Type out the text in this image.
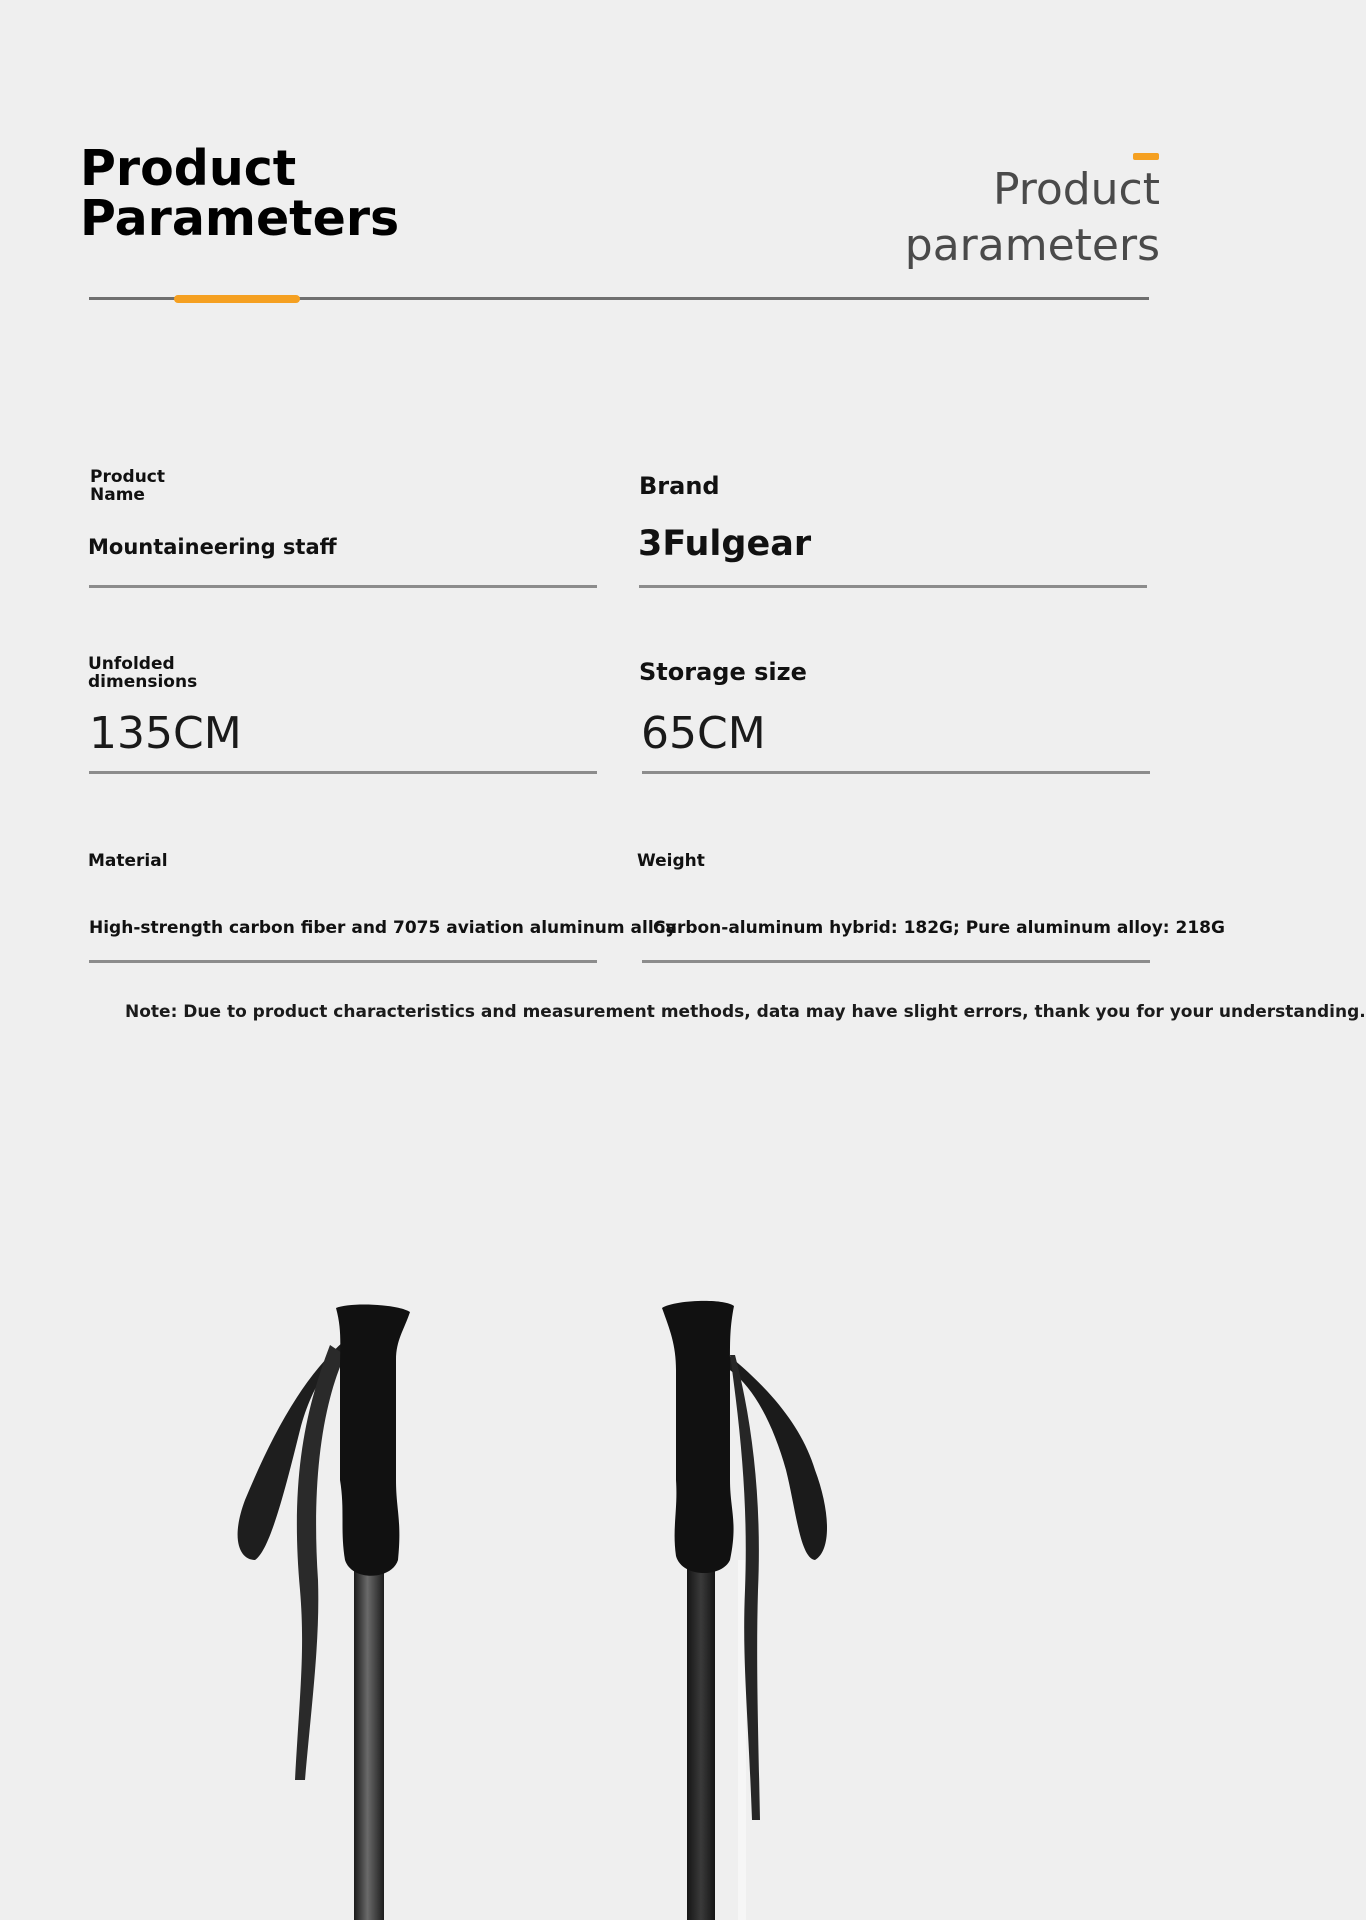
Product
Parameters
Product
parameters
Product
Name
Mountaineering staff
Brand
3Fulgear
Unfolded
dimensions
135CM
Storage size
65CM
Material
High-strength carbon fiber and 7075 aviation aluminum alloy
Weight
Carbon-aluminum hybrid: 182G; Pure aluminum alloy: 218G
Note: Due to product characteristics and measurement methods, data may have slight errors, thank you for your understanding.
